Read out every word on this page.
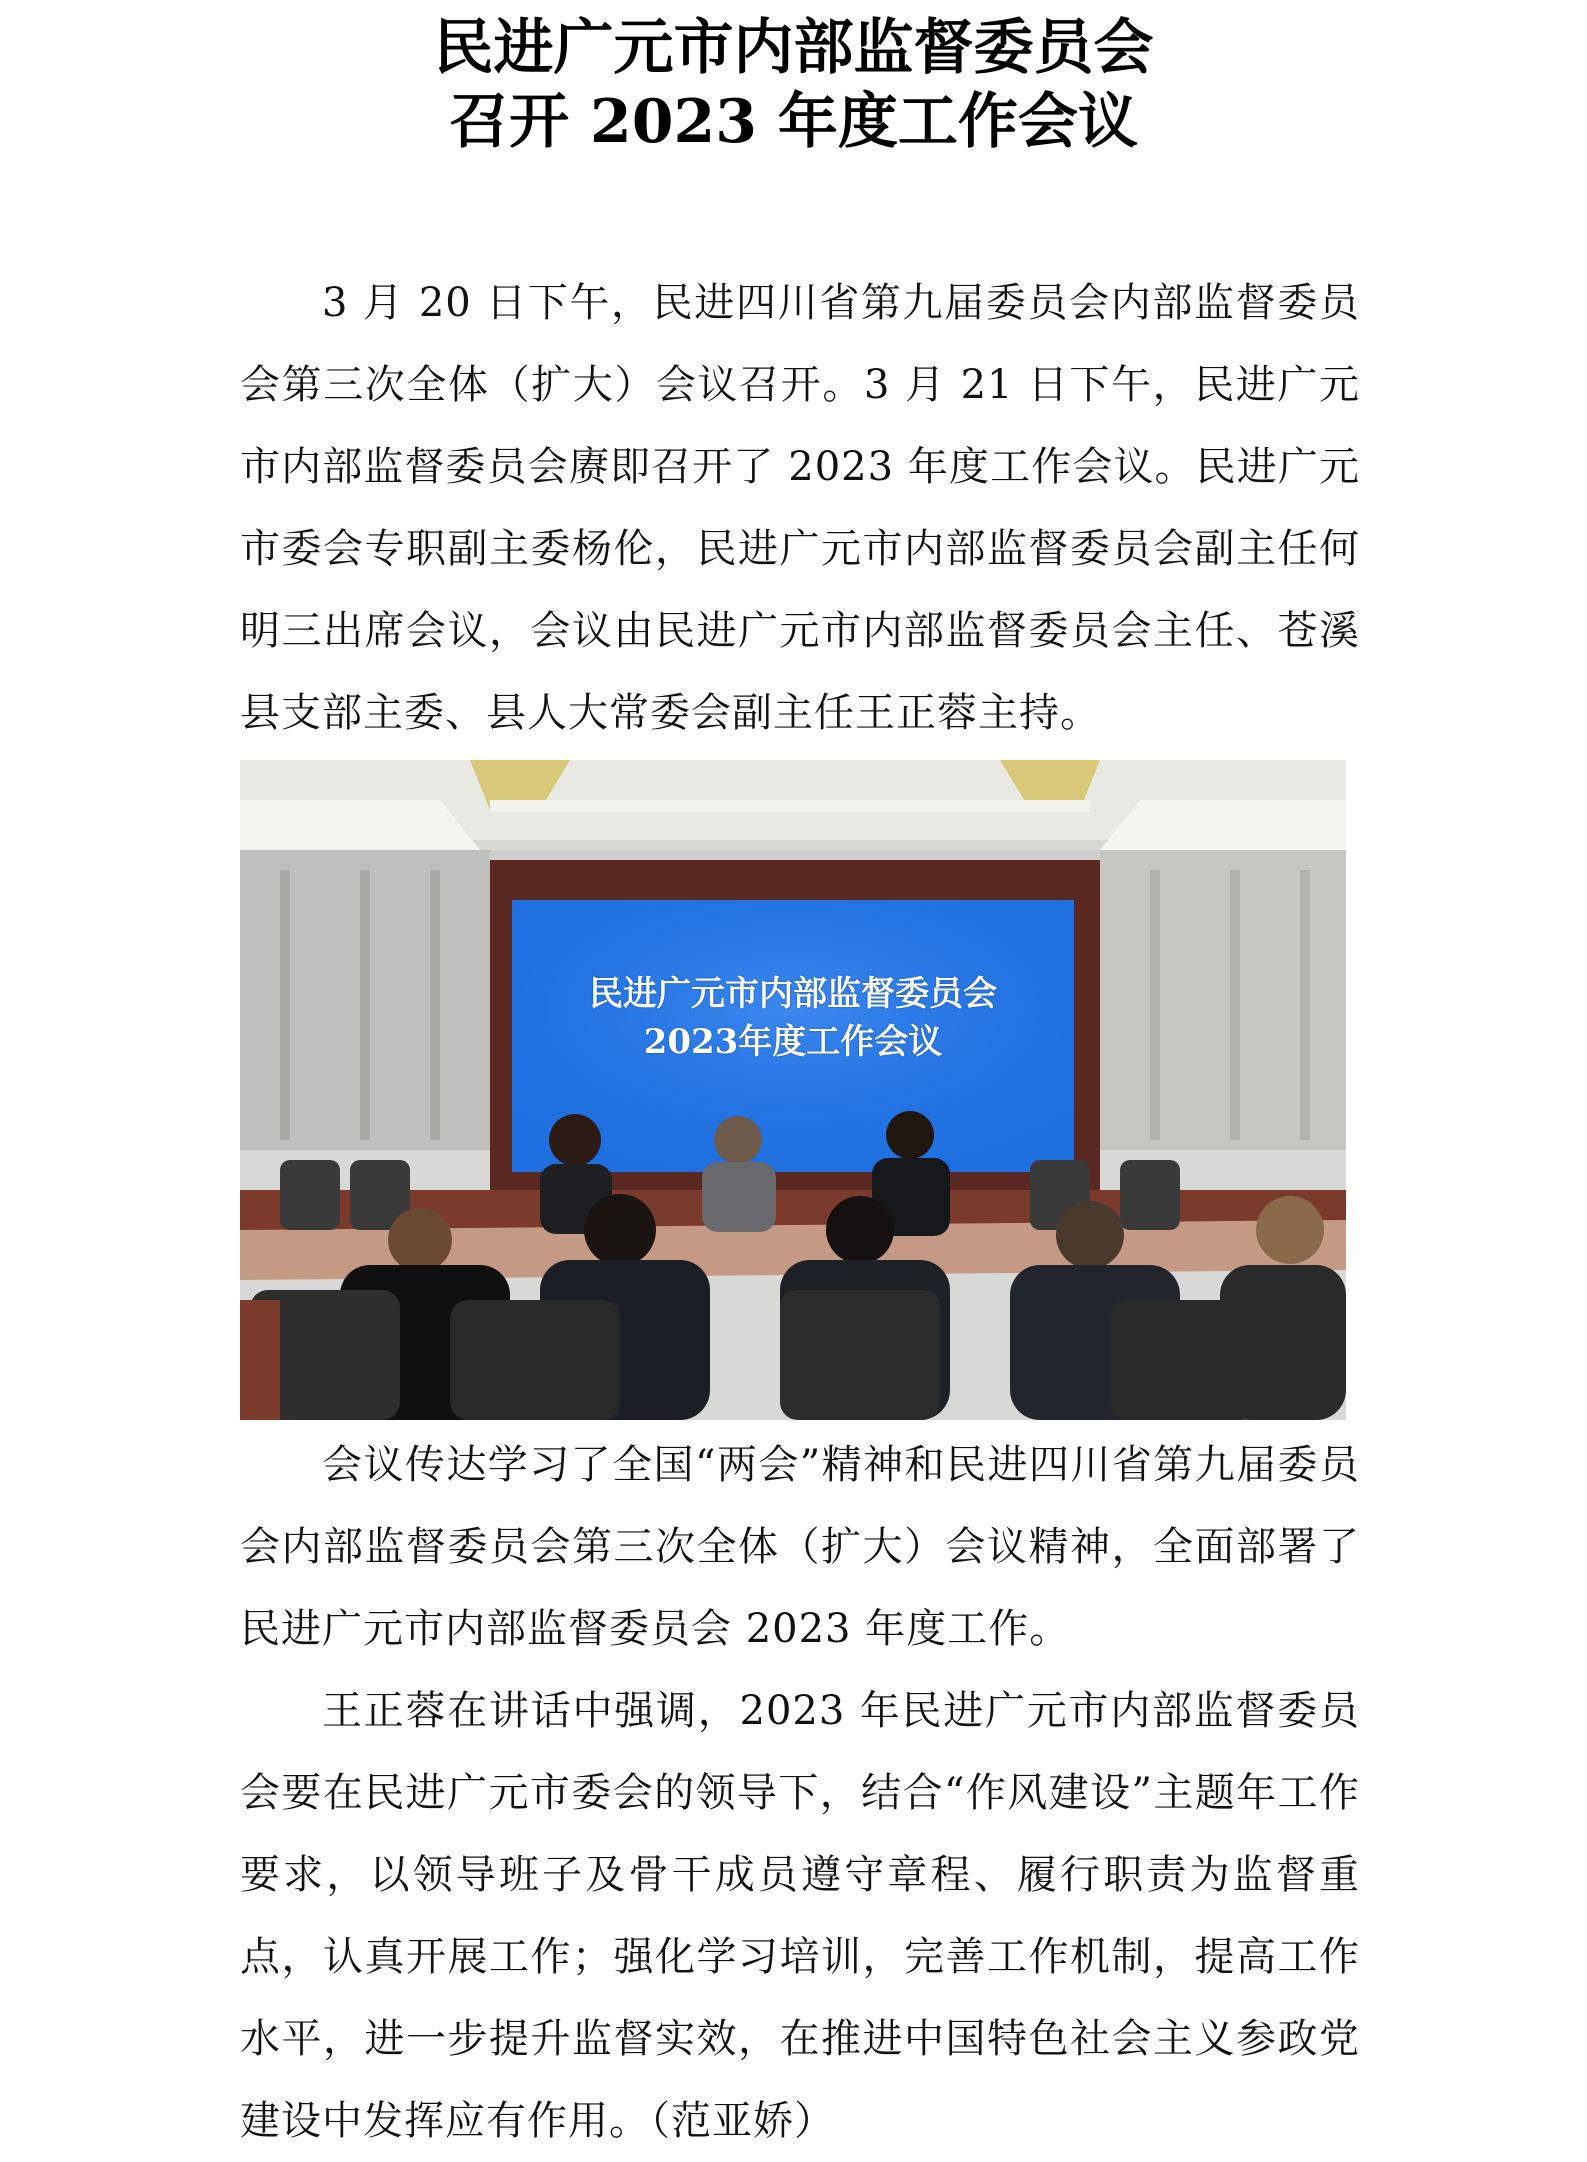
民进广元市内部监督委员会
召开 2023 年度工作会议

3 月 20 日下午，民进四川省第九届委员会内部监督委员会第三次全体（扩大）会议召开。3 月 21 日下午，民进广元市内部监督委员会赓即召开了 2023 年度工作会议。民进广元市委会专职副主委杨伦，民进广元市内部监督委员会副主任何明三出席会议，会议由民进广元市内部监督委员会主任、苍溪县支部主委、县人大常委会副主任王正蓉主持。

民进广元市内部监督委员会
2023年度工作会议

会议传达学习了全国“两会”精神和民进四川省第九届委员会内部监督委员会第三次全体（扩大）会议精神，全面部署了民进广元市内部监督委员会 2023 年度工作。

王正蓉在讲话中强调，2023 年民进广元市内部监督委员会要在民进广元市委会的领导下，结合“作风建设”主题年工作要求，以领导班子及骨干成员遵守章程、履行职责为监督重点，认真开展工作；强化学习培训，完善工作机制，提高工作水平，进一步提升监督实效，在推进中国特色社会主义参政党建设中发挥应有作用。（范亚娇）
